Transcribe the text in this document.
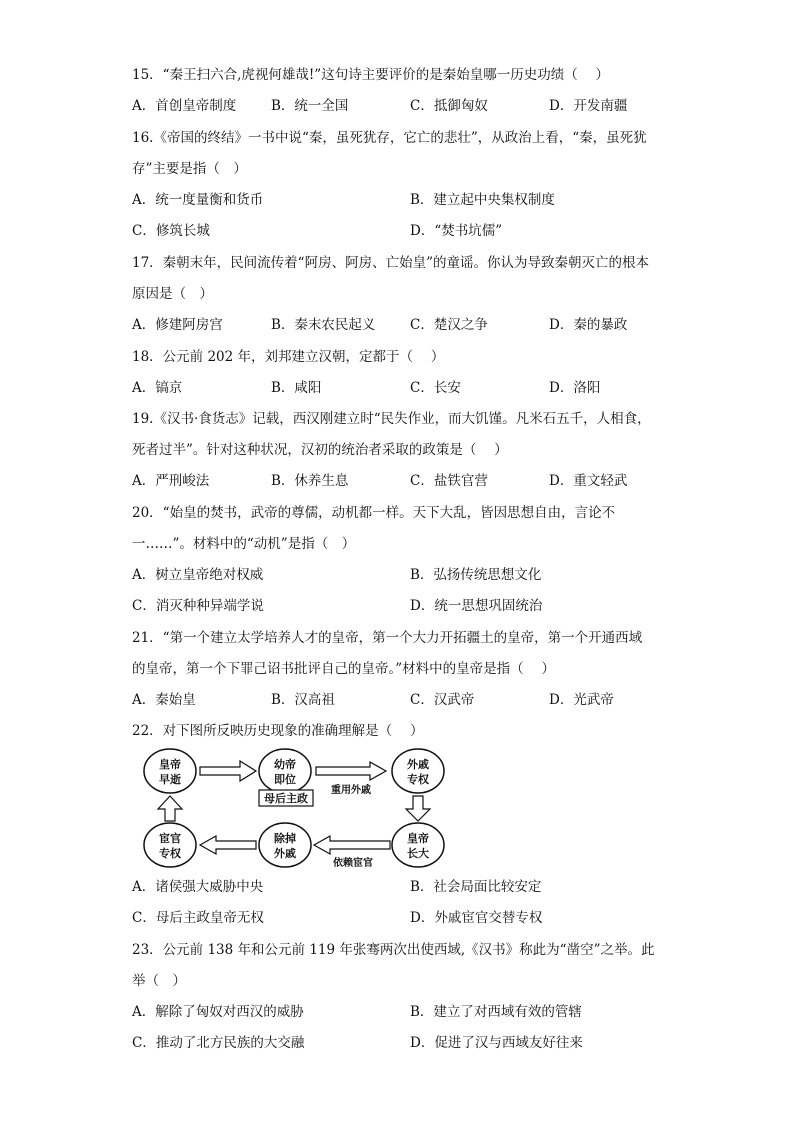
15．“秦王扫六合,虎视何雄哉!”这句诗主要评价的是秦始皇哪一历史功绩（　 ）
A．首创皇帝制度	B．统一全国	C．抵御匈奴	D．开发南疆
16.《帝国的终结》一书中说“秦，虽死犹存，它亡的悲壮”，从政治上看，“秦，虽死犹
存”主要是指（　）
A．统一度量衡和货币	B．建立起中央集权制度
C．修筑长城	D．“焚书坑儒”
17．秦朝末年，民间流传着“阿房、阿房、亡始皇”的童谣。你认为导致秦朝灭亡的根本
原因是（　）
A．修建阿房宫	B．秦末农民起义	C．楚汉之争	D．秦的暴政
18．公元前 202 年，刘邦建立汉朝，定都于（　 ）
A．镐京	B．咸阳	C．长安	D．洛阳
19.《汉书·食货志》记载，西汉刚建立时“民失作业，而大饥馑。凡米石五千，人相食，
死者过半”。针对这种状况，汉初的统治者采取的政策是（　 ）
A．严刑峻法	B．休养生息	C．盐铁官营	D．重文轻武
20．“始皇的焚书，武帝的尊儒，动机都一样。天下大乱，皆因思想自由，言论不
一……”。材料中的“动机”是指（　）
A．树立皇帝绝对权威	B．弘扬传统思想文化
C．消灭种种异端学说	D．统一思想巩固统治
21．“第一个建立太学培养人才的皇帝，第一个大力开拓疆土的皇帝，第一个开通西域
的皇帝，第一个下罪己诏书批评自己的皇帝。”材料中的皇帝是指（　 ）
A．秦始皇	B．汉高祖	C．汉武帝	D．光武帝
22．对下图所反映历史现象的准确理解是（　 ）
皇帝
早逝
幼帝
即位
母后主政
外戚
专权
皇帝
长大
除掉
外戚
宦官
专权
重用外戚
依赖宦官
A．诸侯强大威胁中央	B．社会局面比较安定
C．母后主政皇帝无权	D．外戚宦官交替专权
23．公元前 138 年和公元前 119 年张骞两次出使西域,《汉书》称此为“凿空”之举。此
举（　）
A．解除了匈奴对西汉的威胁	B．建立了对西域有效的管辖
C．推动了北方民族的大交融	D．促进了汉与西域友好往来
